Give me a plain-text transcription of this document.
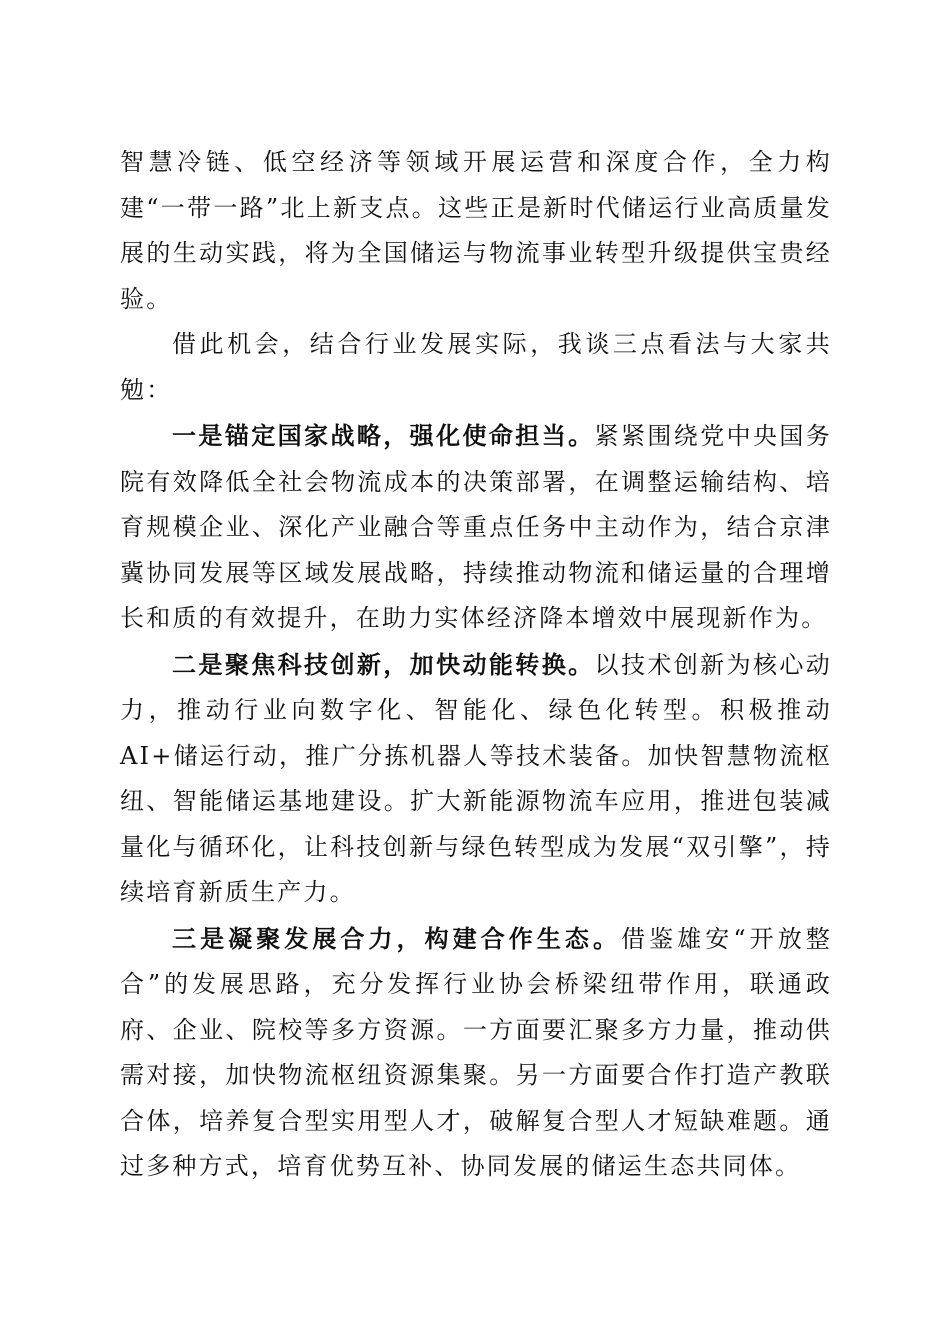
智慧冷链、低空经济等领域开展运营和深度合作，全力构建“一带一路”北上新支点。这些正是新时代储运行业高质量发展的生动实践，将为全国储运与物流事业转型升级提供宝贵经验。

借此机会，结合行业发展实际，我谈三点看法与大家共勉：

一是锚定国家战略，强化使命担当。紧紧围绕党中央国务院有效降低全社会物流成本的决策部署，在调整运输结构、培育规模企业、深化产业融合等重点任务中主动作为，结合京津冀协同发展等区域发展战略，持续推动物流和储运量的合理增长和质的有效提升，在助力实体经济降本增效中展现新作为。

二是聚焦科技创新，加快动能转换。以技术创新为核心动力，推动行业向数字化、智能化、绿色化转型。积极推动AI+储运行动，推广分拣机器人等技术装备。加快智慧物流枢纽、智能储运基地建设。扩大新能源物流车应用，推进包装减量化与循环化，让科技创新与绿色转型成为发展“双引擎”，持续培育新质生产力。

三是凝聚发展合力，构建合作生态。借鉴雄安“开放整合”的发展思路，充分发挥行业协会桥梁纽带作用，联通政府、企业、院校等多方资源。一方面要汇聚多方力量，推动供需对接，加快物流枢纽资源集聚。另一方面要合作打造产教联合体，培养复合型实用型人才，破解复合型人才短缺难题。通过多种方式，培育优势互补、协同发展的储运生态共同体。
